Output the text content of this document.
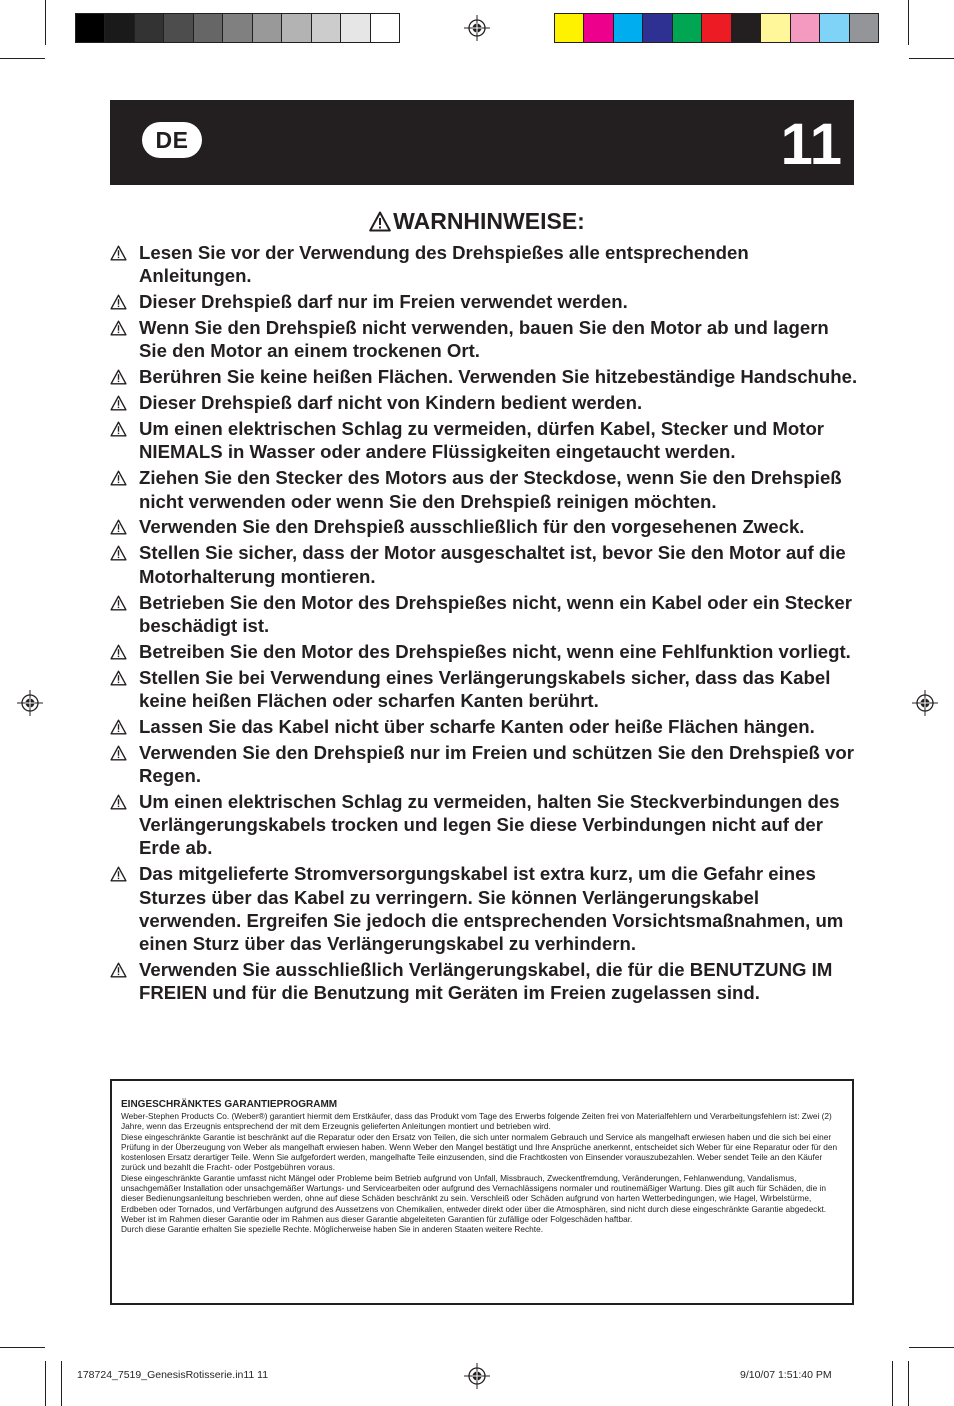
DE	11
WARNHINWEISE:
Lesen Sie vor der Verwendung des Drehspießes alle entsprechenden Anleitungen.
Dieser Drehspieß darf nur im Freien verwendet werden.
Wenn Sie den Drehspieß nicht verwenden, bauen Sie den Motor ab und lagern Sie den Motor an einem trockenen Ort.
Berühren Sie keine heißen Flächen. Verwenden Sie hitzebeständige Handschuhe.
Dieser Drehspieß darf nicht von Kindern bedient werden.
Um einen elektrischen Schlag zu vermeiden, dürfen Kabel, Stecker und Motor NIEMALS in Wasser oder andere Flüssigkeiten eingetaucht werden.
Ziehen Sie den Stecker des Motors aus der Steckdose, wenn Sie den Drehspieß nicht verwenden oder wenn Sie den Drehspieß reinigen möchten.
Verwenden Sie den Drehspieß ausschließlich für den vorgesehenen Zweck.
Stellen Sie sicher, dass der Motor ausgeschaltet ist, bevor Sie den Motor auf die Motorhalterung montieren.
Betrieben Sie den Motor des Drehspießes nicht, wenn ein Kabel oder ein Stecker beschädigt ist.
Betreiben Sie den Motor des Drehspießes nicht, wenn eine Fehlfunktion vorliegt.
Stellen Sie bei Verwendung eines Verlängerungskabels sicher, dass das Kabel keine heißen Flächen oder scharfen Kanten berührt.
Lassen Sie das Kabel nicht über scharfe Kanten oder heiße Flächen hängen.
Verwenden Sie den Drehspieß nur im Freien und schützen Sie den Drehspieß vor Regen.
Um einen elektrischen Schlag zu vermeiden, halten Sie Steckverbindungen des Verlängerungskabels trocken und legen Sie diese Verbindungen nicht auf der Erde ab.
Das mitgelieferte Stromversorgungskabel ist extra kurz, um die Gefahr eines Sturzes über das Kabel zu verringern. Sie können Verlängerungskabel verwenden. Ergreifen Sie jedoch die entsprechenden Vorsichtsmaßnahmen, um einen Sturz über das Verlängerungskabel zu verhindern.
Verwenden Sie ausschließlich Verlängerungskabel, die für die BENUTZUNG IM FREIEN und für die Benutzung mit Geräten im Freien zugelassen sind.
EINGESCHRÄNKTES GARANTIEPROGRAMM
Weber-Stephen Products Co. (Weber®) garantiert hiermit dem Erstkäufer, dass das Produkt vom Tage des Erwerbs folgende Zeiten frei von Materialfehlern und Verarbeitungsfehlern ist: Zwei (2) Jahre, wenn das Erzeugnis entsprechend der mit dem Erzeugnis gelieferten Anleitungen montiert und betrieben wird.
Diese eingeschränkte Garantie ist beschränkt auf die Reparatur oder den Ersatz von Teilen, die sich unter normalem Gebrauch und Service als mangelhaft erwiesen haben und die sich bei einer Prüfung in der Überzeugung von Weber als mangelhaft erwiesen haben. Wenn Weber den Mangel bestätigt und Ihre Ansprüche anerkennt, entscheidet sich Weber für eine Reparatur oder für den kostenlosen Ersatz derartiger Teile. Wenn Sie aufgefordert werden, mangelhafte Teile einzusenden, sind die Frachtkosten von Einsender vorauszubezahlen. Weber sendet Teile an den Käufer zurück und bezahlt die Fracht- oder Postgebühren voraus.
Diese eingeschränkte Garantie umfasst nicht Mängel oder Probleme beim Betrieb aufgrund von Unfall, Missbrauch, Zweckentfremdung, Veränderungen, Fehlanwendung, Vandalismus, unsachgemäßer Installation oder unsachgemäßer Wartungs- und Servicearbeiten oder aufgrund des Vernachlässigens normaler und routinemäßiger Wartung. Dies gilt auch für Schäden, die in dieser Bedienungsanleitung beschrieben werden, ohne auf diese Schäden beschränkt zu sein. Verschleiß oder Schäden aufgrund von harten Wetterbedingungen, wie Hagel, Wirbelstürme, Erdbeben oder Tornados, und Verfärbungen aufgrund des Aussetzens von Chemikalien, entweder direkt oder über die Atmosphären, sind nicht durch diese eingeschränkte Garantie abgedeckt. Weber ist im Rahmen dieser Garantie oder im Rahmen aus dieser Garantie abgeleiteten Garantien für zufällige oder Folgeschäden haftbar.
Durch diese Garantie erhalten Sie spezielle Rechte. Möglicherweise haben Sie in anderen Staaten weitere Rechte.
178724_7519_GenesisRotisserie.in11 11	9/10/07 1:51:40 PM
